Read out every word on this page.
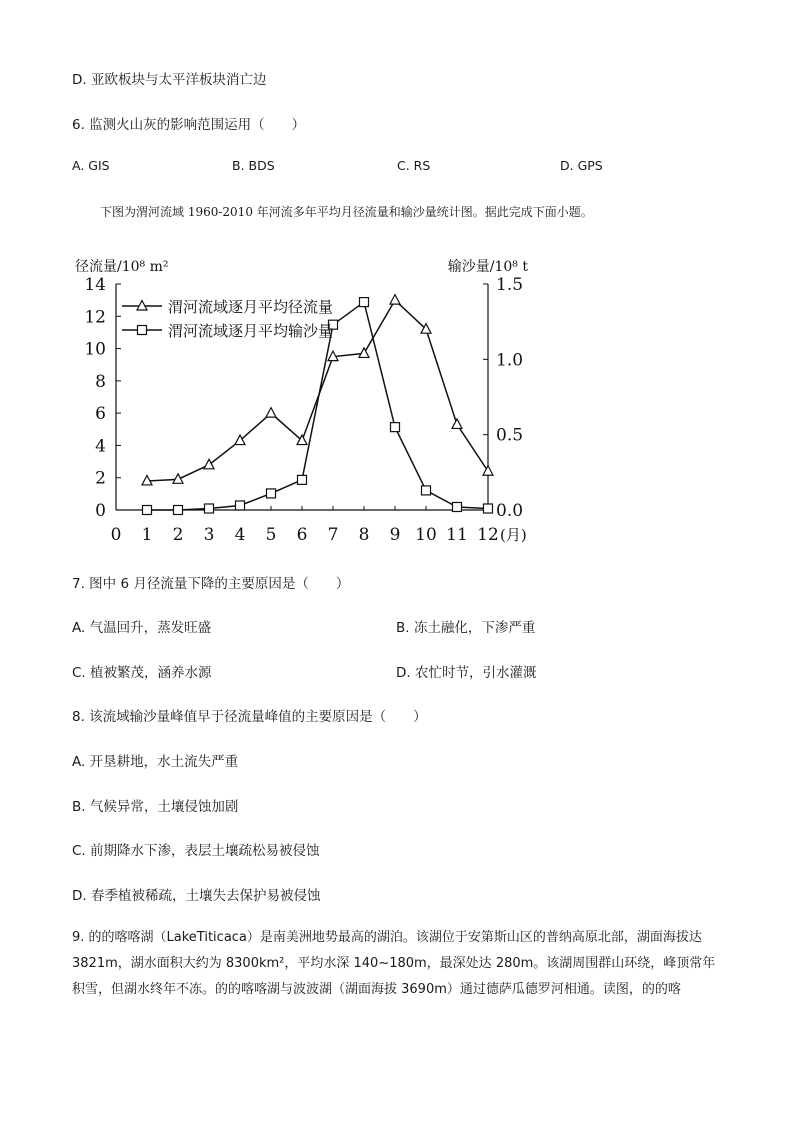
D. 亚欧板块与太平洋板块消亡边
6. 监测火山灰的影响范围运用（　　）
A. GIS	B. BDS	C. RS	D. GPS
下图为渭河流域 1960-2010 年河流多年平均月径流量和输沙量统计图。据此完成下面小题。
0
2
4
6
8
10
12
14
0.0
0.5
1.0
1.5
0 1 2 3 4 5 6 7 8 9 10 11 12 (月)
径流量/10⁸ m²	输沙量/10⁸ t
渭河流域逐月平均径流量
渭河流域逐月平均输沙量
7. 图中 6 月径流量下降的主要原因是（　　）
A. 气温回升，蒸发旺盛	B. 冻土融化，下渗严重
C. 植被繁茂，涵养水源	D. 农忙时节，引水灌溉
8. 该流域输沙量峰值早于径流量峰值的主要原因是（　　）
A. 开垦耕地，水土流失严重
B. 气候异常，土壤侵蚀加剧
C. 前期降水下渗，表层土壤疏松易被侵蚀
D. 春季植被稀疏，土壤失去保护易被侵蚀
9. 的的喀喀湖（LakeTiticaca）是南美洲地势最高的湖泊。该湖位于安第斯山区的普纳高原北部，湖面海拔达 3821m，湖水面积大约为 8300km²，平均水深 140~180m，最深处达 280m。该湖周围群山环绕，峰顶常年积雪，但湖水终年不冻。的的喀喀湖与波波湖（湖面海拔 3690m）通过德萨瓜德罗河相通。读图，的的喀
